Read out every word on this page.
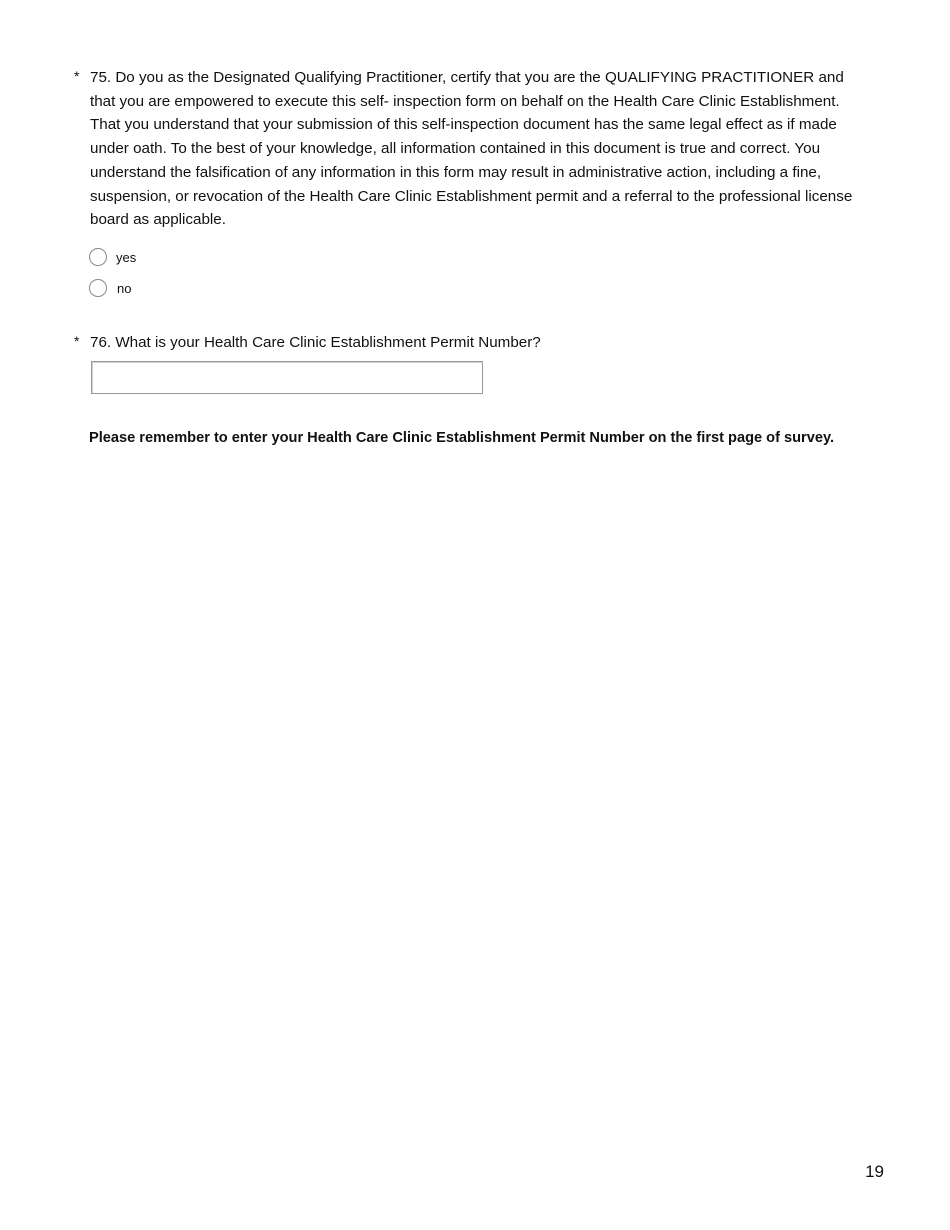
* 75. Do you as the Designated Qualifying Practitioner, certify that you are the QUALIFYING PRACTITIONER and that you are empowered to execute this self- inspection form on behalf on the Health Care Clinic Establishment. That you understand that your submission of this self-inspection document has the same legal effect as if made under oath. To the best of your knowledge, all information contained in this document is true and correct. You understand the falsification of any information in this form may result in administrative action, including a fine, suspension, or revocation of the Health Care Clinic Establishment permit and a referral to the professional license board as applicable.
yes
no
* 76. What is your Health Care Clinic Establishment Permit Number?
Please remember to enter your Health Care Clinic Establishment Permit Number on the first page of survey.
19
